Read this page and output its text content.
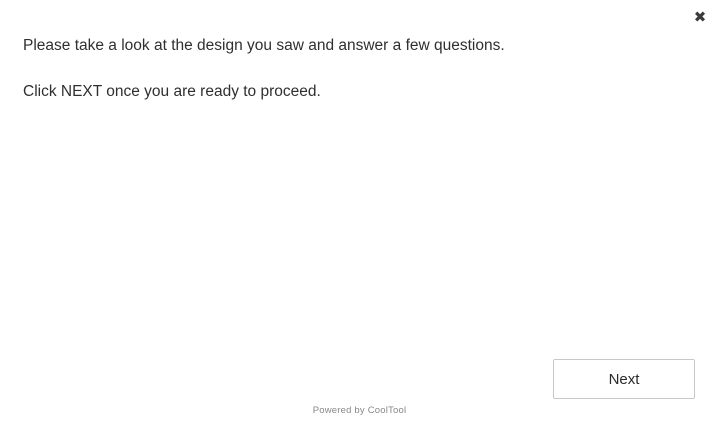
✖

Please take a look at the design you saw and answer a few questions.

Click NEXT once you are ready to proceed.

Next
Powered by CoolTool
